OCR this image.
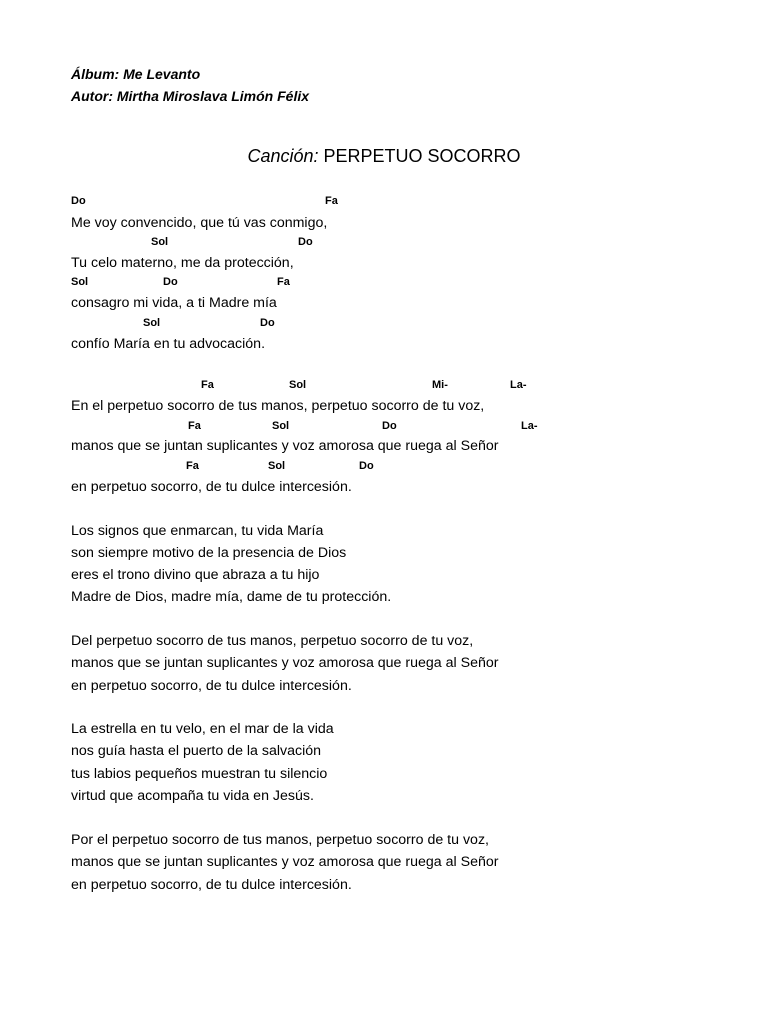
Álbum: Me Levanto
Autor: Mirtha Miroslava Limón Félix
Canción: PERPETUO SOCORRO
Do	Fa
Me voy convencido, que tú vas conmigo,
Sol	Do
Tu celo materno, me da protección,
Sol	Do	Fa
consagro mi vida, a ti Madre mía
Sol	Do
confío María en tu advocación.
Fa	Sol	Mi-	La-
En el perpetuo socorro de tus manos, perpetuo socorro de tu voz,
Fa	Sol	Do	La-
manos que se juntan suplicantes y voz amorosa que ruega al Señor
Fa	Sol	Do
en perpetuo socorro, de tu dulce intercesión.
Los signos que enmarcan, tu vida María
son siempre motivo de la presencia de Dios
eres el trono divino que abraza a tu hijo
Madre de Dios, madre mía, dame de tu protección.
Del perpetuo socorro de tus manos, perpetuo socorro de tu voz,
manos que se juntan suplicantes y voz amorosa que ruega al Señor
en perpetuo socorro, de tu dulce intercesión.
La estrella en tu velo, en el mar de la vida
nos guía hasta el puerto de la salvación
tus labios pequeños muestran tu silencio
virtud que acompaña tu vida en Jesús.
Por el perpetuo socorro de tus manos, perpetuo socorro de tu voz,
manos que se juntan suplicantes y voz amorosa que ruega al Señor
en perpetuo socorro, de tu dulce intercesión.
